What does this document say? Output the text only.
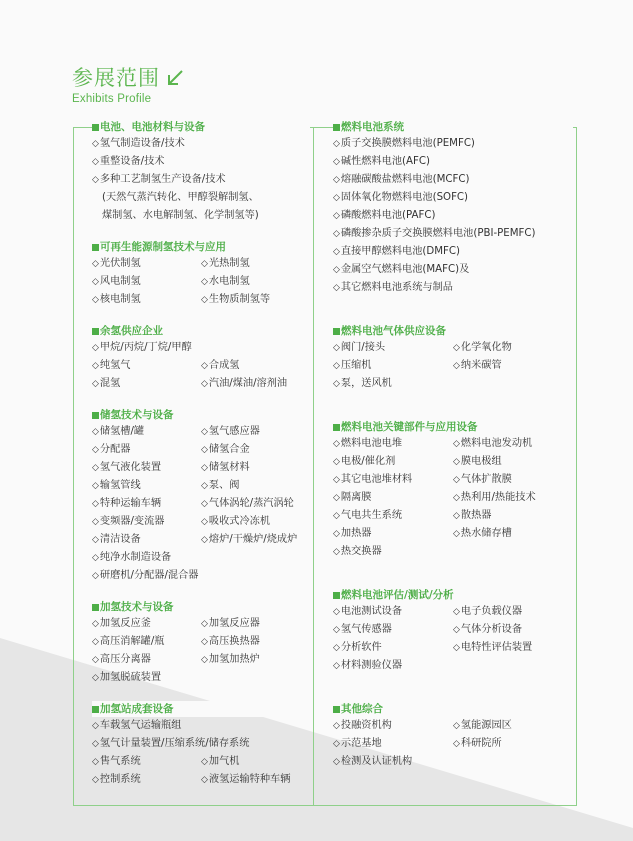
参展范围
Exhibits Profile
电池、电池材料与设备
◇氢气制造设备/技术
◇重整设备/技术
◇多种工艺制氢生产设备/技术
(天然气蒸汽转化、甲醇裂解制氢、
煤制氢、水电解制氢、化学制氢等)
可再生能源制氢技术与应用
◇光伏制氢	◇光热制氢
◇风电制氢	◇水电制氢
◇核电制氢	◇生物质制氢等
余氢供应企业
◇甲烷/丙烷/丁烷/甲醇
◇纯氢气	◇合成氢
◇混氢	◇汽油/煤油/溶剂油
储氢技术与设备
◇储氢槽/罐	◇氢气感应器
◇分配器	◇储氢合金
◇氢气液化装置	◇储氢材料
◇输氢管线	◇泵、阀
◇特种运输车辆	◇气体涡轮/蒸汽涡轮
◇变频器/变流器	◇吸收式冷冻机
◇清洁设备	◇熔炉/干燥炉/烧成炉
◇纯净水制造设备
◇研磨机/分配器/混合器
加氢技术与设备
◇加氢反应釜	◇加氢反应器
◇高压消解罐/瓶	◇高压换热器
◇高压分离器	◇加氢加热炉
◇加氢脱硫装置
加氢站成套设备
◇车载氢气运输瓶组
◇氢气计量装置/压缩系统/储存系统
◇售气系统	◇加气机
◇控制系统	◇液氢运输特种车辆
燃料电池系统
◇质子交换膜燃料电池(PEMFC)
◇碱性燃料电池(AFC)
◇熔融碳酸盐燃料电池(MCFC)
◇固体氧化物燃料电池(SOFC)
◇磷酸燃料电池(PAFC)
◇磷酸掺杂质子交换膜燃料电池(PBI-PEMFC)
◇直接甲醇燃料电池(DMFC)
◇金属空气燃料电池(MAFC)及
◇其它燃料电池系统与制品
燃料电池气体供应设备
◇阀门/接头	◇化学氧化物
◇压缩机	◇纳米碳管
◇泵，送风机
燃料电池关键部件与应用设备
◇燃料电池电堆	◇燃料电池发动机
◇电极/催化剂	◇膜电极组
◇其它电池堆材料	◇气体扩散膜
◇隔离膜	◇热利用/热能技术
◇气电共生系统	◇散热器
◇加热器	◇热水储存槽
◇热交换器
燃料电池评估/测试/分析
◇电池测试设备	◇电子负载仪器
◇氢气传感器	◇气体分析设备
◇分析软件	◇电特性评估装置
◇材料测验仪器
其他综合
◇投融资机构	◇氢能源园区
◇示范基地	◇科研院所
◇检测及认证机构
